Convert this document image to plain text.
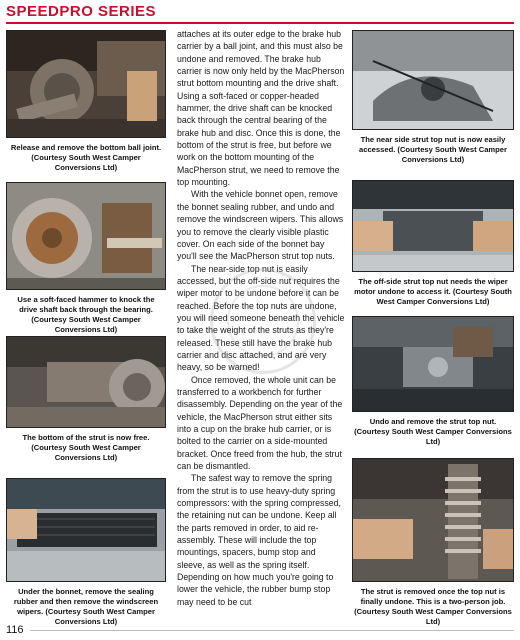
SPEEDPRO SERIES
Release and remove the bottom ball joint. (Courtesy South West Camper Conversions Ltd)
Use a soft-faced hammer to knock the drive shaft back through the bearing. (Courtesy South West Camper Conversions Ltd)
The bottom of the strut is now free. (Courtesy South West Camper Conversions Ltd)
Under the bonnet, remove the sealing rubber and then remove the windscreen wipers. (Courtesy South West Camper Conversions Ltd)

attaches at its outer edge to the brake hub carrier by a ball joint, and this must also be undone and removed. The brake hub carrier is now only held by the MacPherson strut bottom mounting and the drive shaft. Using a soft-faced or copper-headed hammer, the drive shaft can be knocked back through the central bearing of the brake hub and disc. Once this is done, the bottom of the strut is free, but before we work on the bottom mounting of the MacPherson strut, we need to remove the top mounting.

With the vehicle bonnet open, remove the bonnet sealing rubber, and undo and remove the windscreen wipers. This allows you to remove the clearly visible plastic cover. On each side of the bonnet bay you'll see the MacPherson strut top nuts.

The near-side top nut is easily accessed, but the off-side nut requires the wiper motor to be undone before it can be reached. Before the top nuts are undone, you will need someone beneath the vehicle to take the weight of the struts as they're released. These still have the brake hub carrier and disc attached, and are very heavy, so be warned!

Once removed, the whole unit can be transferred to a workbench for further disassembly. Depending on the year of the vehicle, the MacPherson strut either sits into a cup on the brake hub carrier, or is bolted to the carrier on a side-mounted bracket. Once freed from the hub, the strut can be dismantled.

The safest way to remove the spring from the strut is to use heavy-duty spring compressors: with the spring compressed, the retaining nut can be undone. Keep all the parts removed in order, to aid re-assembly. These will include the top mountings, spacers, bump stop and sleeve, as well as the spring itself. Depending on how much you're going to lower the vehicle, the rubber bump stop may need to be cut

The near side strut top nut is now easily accessed. (Courtesy South West Camper Conversions Ltd)
The off-side strut top nut needs the wiper motor undone to access it. (Courtesy South West Camper Conversions Ltd)
Undo and remove the strut top nut. (Courtesy South West Camper Conversions Ltd)
The strut is removed once the top nut is finally undone. This is a two-person job. (Courtesy South West Camper Conversions Ltd)
116
